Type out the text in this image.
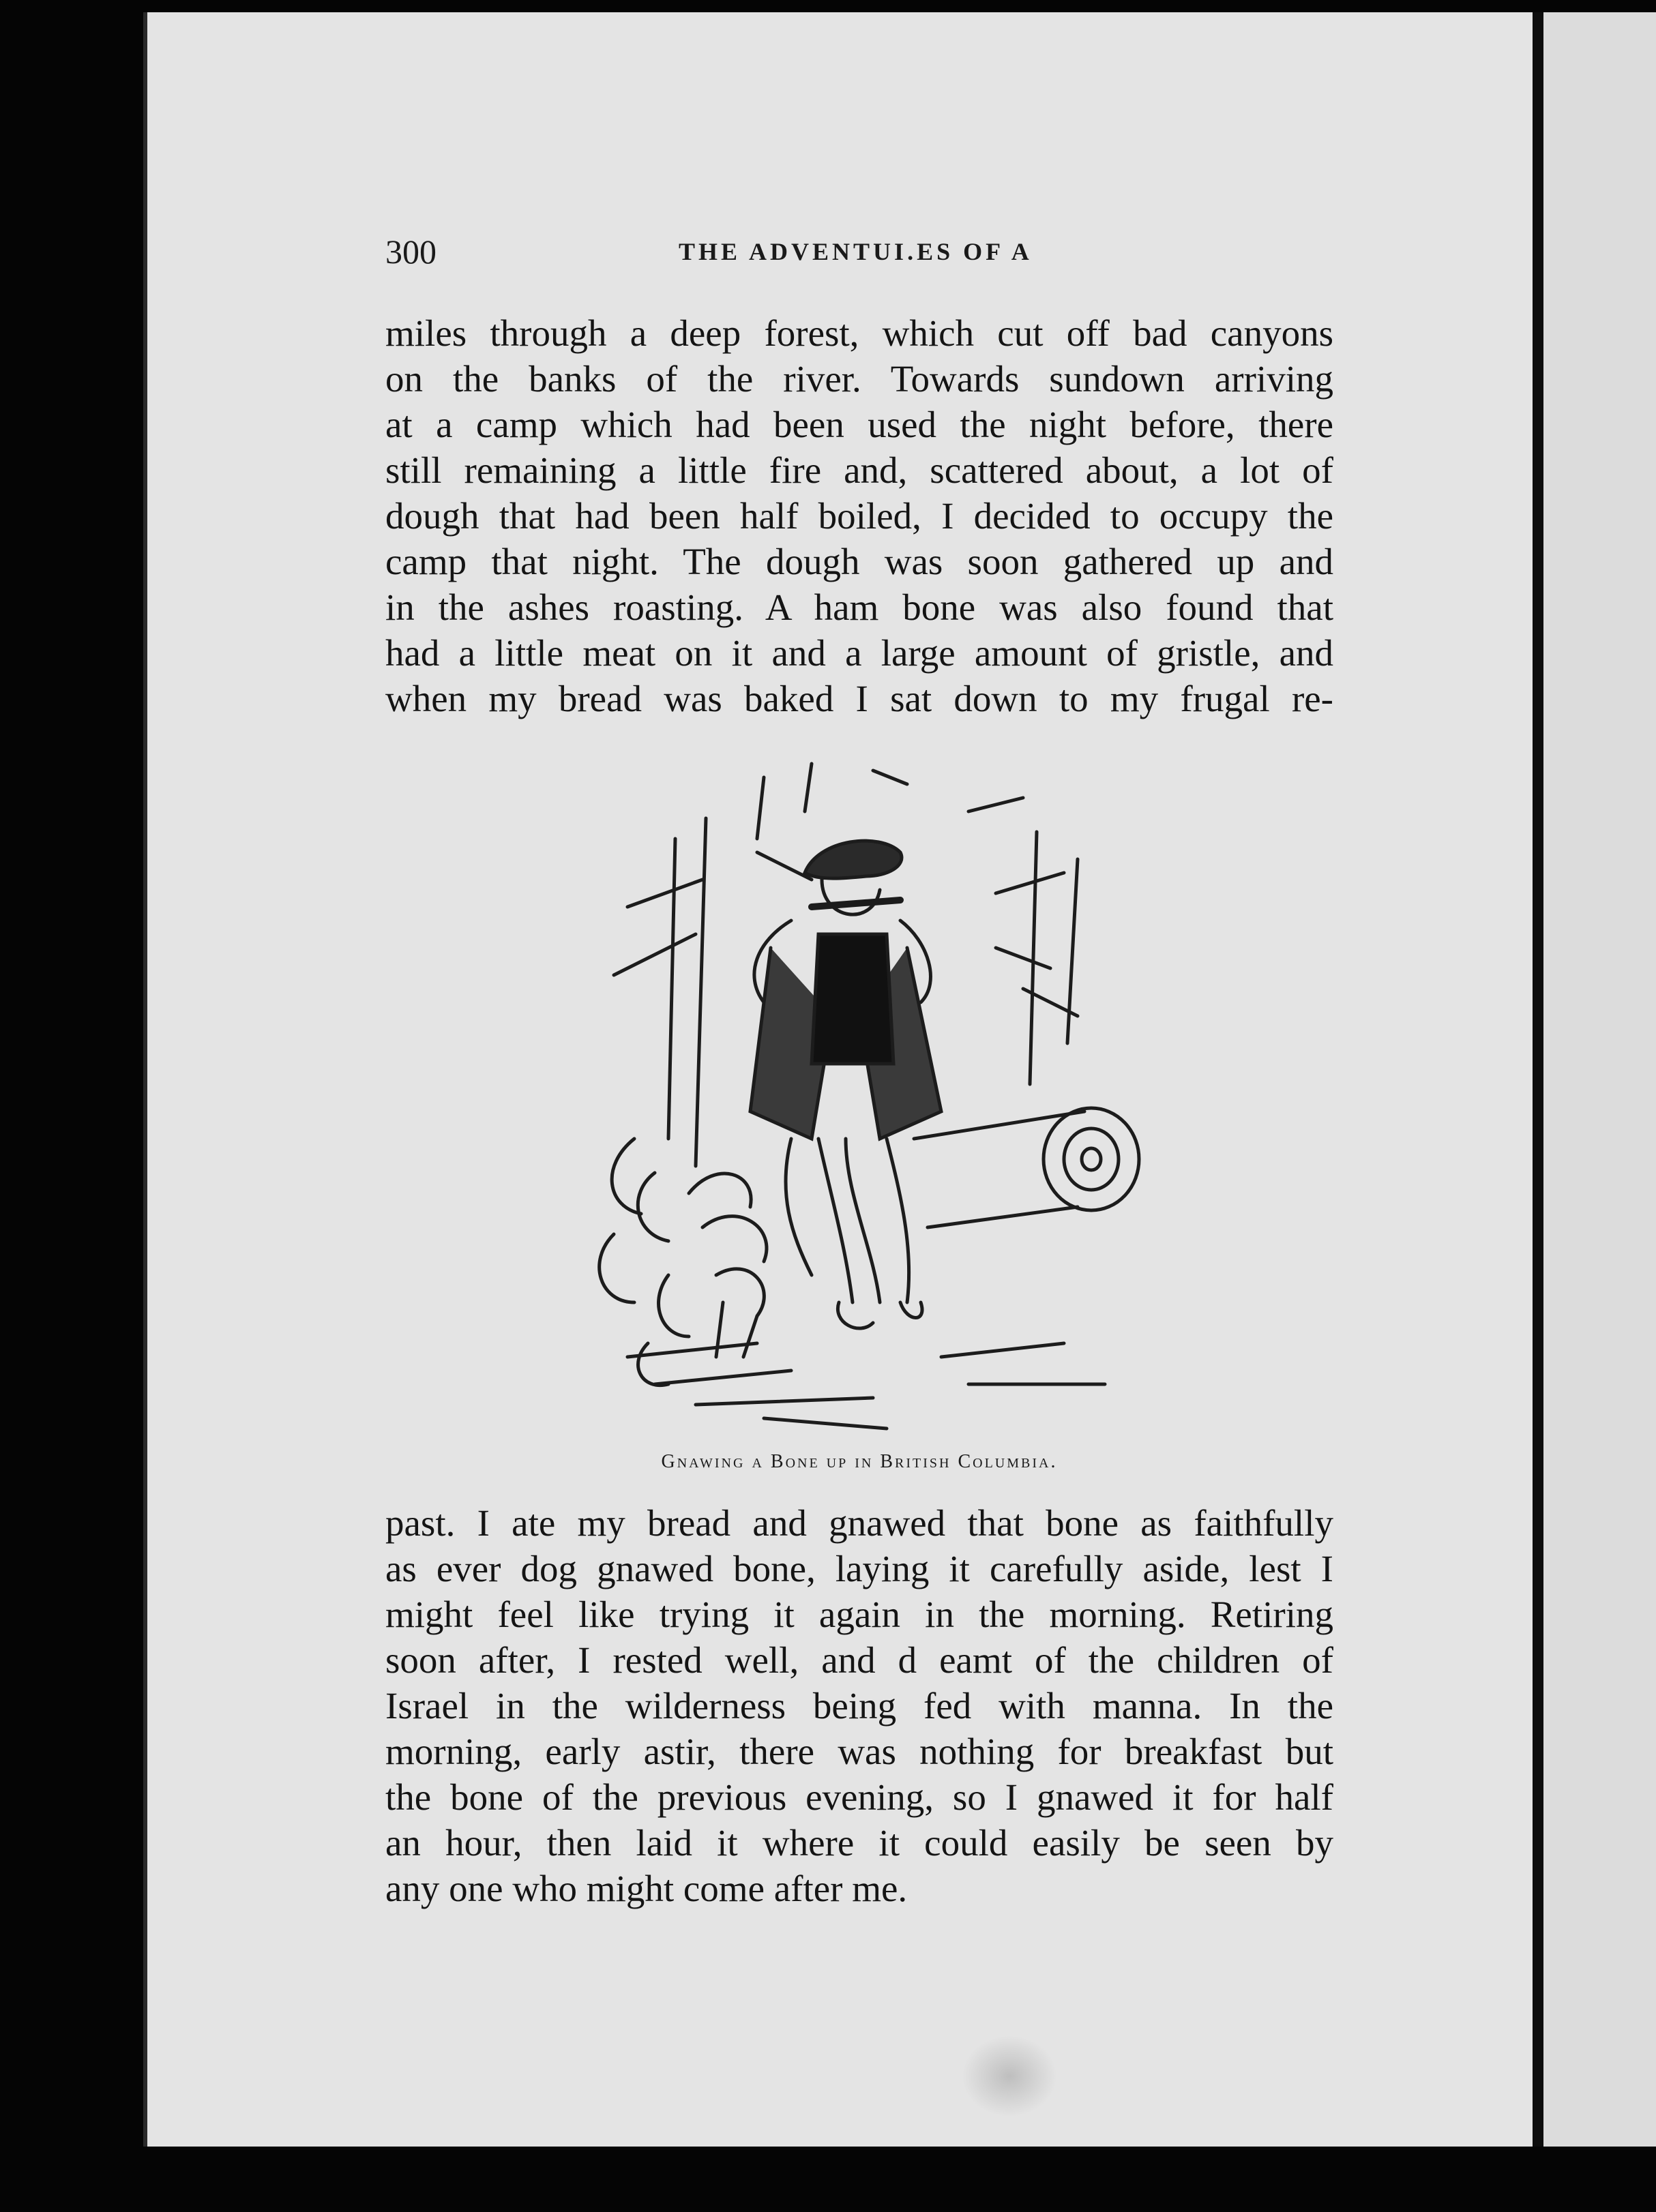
300	THE ADVENTUI.ES OF A
miles through a deep forest, which cut off bad canyons
on the banks of the river. Towards sundown arriving
at a camp which had been used the night before, there
still remaining a little fire and, scattered about, a lot of
dough that had been half boiled, I decided to occupy the
camp that night. The dough was soon gathered up and
in the ashes roasting. A ham bone was also found that
had a little meat on it and a large amount of gristle, and
when my bread was baked I sat down to my frugal re-
Gnawing a Bone up in British Columbia.
past. I ate my bread and gnawed that bone as faithfully
as ever dog gnawed bone, laying it carefully aside, lest I
might feel like trying it again in the morning. Retiring
soon after, I rested well, and d eamt of the children of
Israel in the wilderness being fed with manna. In the
morning, early astir, there was nothing for breakfast but
the bone of the previous evening, so I gnawed it for half
an hour, then laid it where it could easily be seen by
any one who might come after me.
